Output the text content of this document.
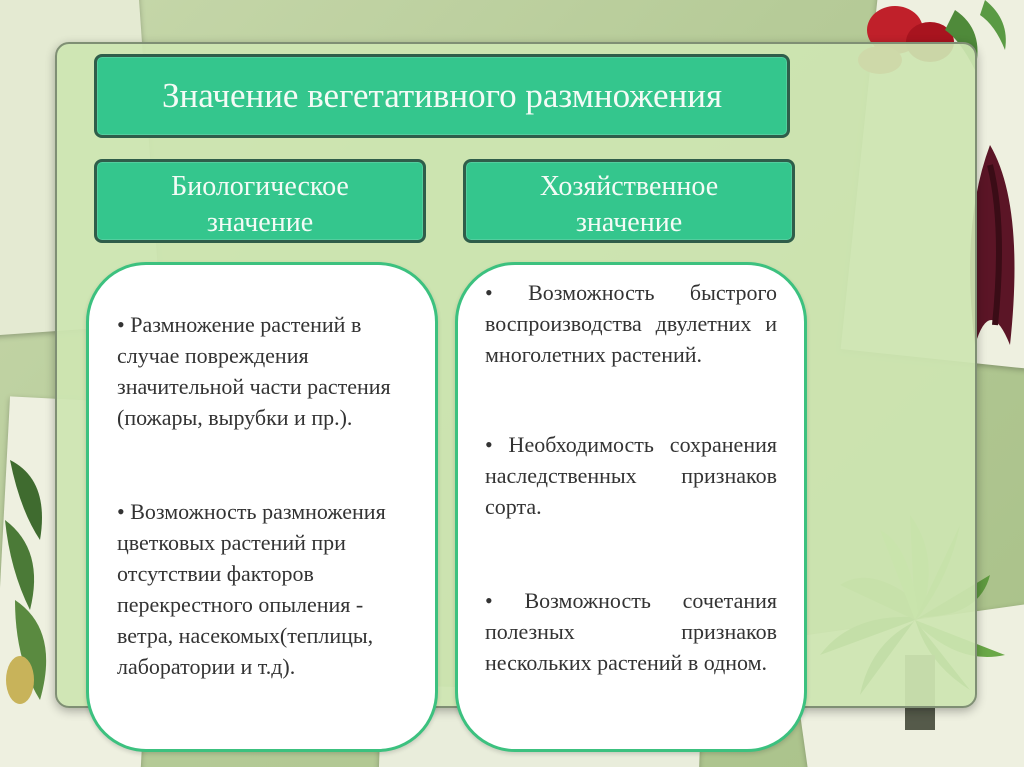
Значение вегетативного размножения
Биологическое
значение
Хозяйственное
значение

• Размножение растений в случае повреждения значительной части растения (пожары, вырубки и пр.).

• Возможность размножения цветковых растений при отсутствии факторов перекрестного опыления - ветра, насекомых(теплицы, лаборатории и т.д).

• Возможность быстрого воспроизводства двулетних и многолетних растений.

• Необходимость сохранения наследственных признаков сорта.

• Возможность сочетания полезных признаков нескольких растений в одном.
